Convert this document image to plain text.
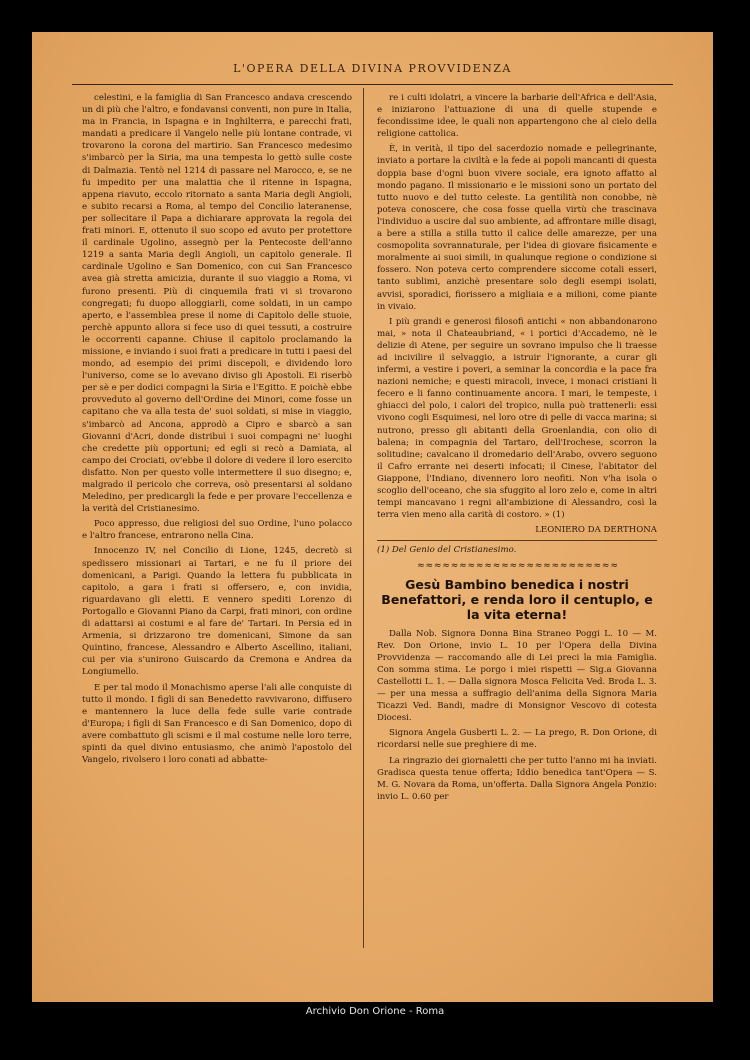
L'OPERA DELLA DIVINA PROVVIDENZA

celestini, e la famiglia di San Francesco andava crescendo un di più che l'altro, e fondavansi conventi, non pure in Italia, ma in Francia, in Ispagna e in Inghilterra, e parecchi frati, mandati a predicare il Vangelo nelle più lontane contrade, vi trovarono la corona del martirio. San Francesco medesimo s'imbarcò per la Siria, ma una tempesta lo gettò sulle coste di Dalmazia. Tentò nel 1214 di passare nel Marocco, e, se ne fu impedito per una malattia che il ritenne in Ispagna, appena riavuto, eccolo ritornato a santa Maria degli Angioli, e subito recarsi a Roma, al tempo del Concilio lateranense, per sollecitare il Papa a dichiarare approvata la regola dei frati minori. E, ottenuto il suo scopo ed avuto per protettore il cardinale Ugolino, assegnò per la Pentecoste dell'anno 1219 a santa Maria degli Angioli, un capitolo generale. Il cardinale Ugolino e San Domenico, con cui San Francesco avea già stretta amicizia, durante il suo viaggio a Roma, vi furono presenti. Più di cinquemila frati vi si trovarono congregati; fu duopo alloggiarli, come soldati, in un campo aperto, e l'assemblea prese il nome di Capitolo delle stuoie, perchè appunto allora si fece uso di quei tessuti, a costruire le occorrenti capanne. Chiuse il capitolo proclamando la missione, e inviando i suoi frati a predicare in tutti i paesi del mondo, ad esempio dei primi discepoli, e dividendo loro l'universo, come se lo avevano diviso gli Apostoli. Ei riserbò per sè e per dodici compagni la Siria e l'Egitto. E poichè ebbe provveduto al governo dell'Ordine dei Minori, come fosse un capitano che va alla testa de' suoi soldati, si mise in viaggio, s'imbarcò ad Ancona, approdò a Cipro e sbarcò a san Giovanni d'Acri, donde distribuì i suoi compagni ne' luoghi che credette più opportuni; ed egli si recò a Damiata, al campo dei Crociati, ov'ebbe il dolore di vedere il loro esercito disfatto. Non per questo volle intermettere il suo disegno; e, malgrado il pericolo che correva, osò presentarsi al soldano Meledino, per predicargli la fede e per provare l'eccellenza e la verità del Cristianesimo.

Poco appresso, due religiosi del suo Ordine, l'uno polacco e l'altro francese, entrarono nella Cina.

Innocenzo IV, nel Concilio di Lione, 1245, decretò si spedissero missionari ai Tartari, e ne fu il priore dei domenicani, a Parigi. Quando la lettera fu pubblicata in capitolo, a gara i frati si offersero, e, con invidia, riguardavano gli eletti. E vennero spediti Lorenzo di Portogallo e Giovanni Piano da Carpi, frati minori, con ordine di adattarsi ai costumi e al fare de' Tartari. In Persia ed in Armenia, si drizzarono tre domenicani, Simone da san Quintino, francese, Alessandro e Alberto Ascellino, italiani, cui per via s'unirono Guiscardo da Cremona e Andrea da Longiumello.

E per tal modo il Monachismo aperse l'ali alle conquiste di tutto il mondo. I figli di san Benedetto ravvivarono, diffusero e mantennero la luce della fede sulle varie contrade d'Europa; i figli di San Francesco e di San Domenico, dopo di avere combattuto gli scismi e il mal costume nelle loro terre, spinti da quel divino entusiasmo, che animò l'apostolo del Vangelo, rivolsero i loro conati ad abbatte-

re i culti idolatri, a vincere la barbarie dell'Africa e dell'Asia, e iniziarono l'attuazione di una di quelle stupende e fecondissime idee, le quali non appartengono che al cielo della religione cattolica.

È, in verità, il tipo del sacerdozio nomade e pellegrinante, inviato a portare la civiltà e la fede ai popoli mancanti di questa doppia base d'ogni buon vivere sociale, era ignoto affatto al mondo pagano. Il missionario e le missioni sono un portato del tutto nuovo e del tutto celeste. La gentilità non conobbe, nè poteva conoscere, che cosa fosse quella virtù che trascinava l'individuo a uscire dal suo ambiente, ad affrontare mille disagi, a bere a stilla a stilla tutto il calice delle amarezze, per una cosmopolita sovrannaturale, per l'idea di giovare fisicamente e moralmente ai suoi simili, in qualunque regione o condizione si fossero. Non poteva certo comprendere siccome cotali esseri, tanto sublimi, anzichè presentare solo degli esempi isolati, avvisi, sporadici, fiorissero a migliaia e a milioni, come piante in vivaio.

I più grandi e generosi filosofi antichi « non abbandonarono mai, » nota il Chateaubriand, « i portici d'Accademo, nè le delizie di Atene, per seguire un sovrano impulso che li traesse ad incivilire il selvaggio, a istruir l'ignorante, a curar gli infermi, a vestire i poveri, a seminar la concordia e la pace fra nazioni nemiche; e questi miracoli, invece, i monaci cristiani li fecero e li fanno continuamente ancora. I mari, le tempeste, i ghiacci del polo, i calori del tropico, nulla può trattenerli: essi vivono cogli Esquimesi, nel loro otre di pelle di vacca marina; si nutrono, presso gli abitanti della Groenlandia, con olio di balena; in compagnia del Tartaro, dell'Irochese, scorron la solitudine; cavalcano il dromedario dell'Arabo, ovvero seguono il Cafro errante nei deserti infocati; il Cinese, l'abitator del Giappone, l'Indiano, divennero loro neofiti. Non v'ha isola o scoglio dell'oceano, che sia sfuggito al loro zelo e, come in altri tempi mancavano i regni all'ambizione di Alessandro, così la terra vien meno alla carità di costoro. » (1)

LEONIERO DA DERTHONA
(1) Del Genio del Cristianesimo.
≈ ≈ ≈ ≈ ≈ ≈ ≈ ≈ ≈ ≈ ≈ ≈ ≈ ≈ ≈ ≈ ≈ ≈ ≈ ≈ ≈ ≈ ≈ ≈
Gesù Bambino benedica i nostri Benefattori, e renda loro il centuplo, e la vita eterna!

Dalla Nob. Signora Donna Bina Straneo Poggi L. 10 — M. Rev. Don Orione, invio L. 10 per l'Opera della Divina Provvidenza — raccomando alle di Lei preci la mia Famiglia. Con somma stima. Le porgo i miei rispetti — Sig.a Giovanna Castellotti L. 1. — Dalla signora Mosca Felicita Ved. Broda L. 3. — per una messa a suffragio dell'anima della Signora Maria Ticazzi Ved. Bandi, madre di Monsignor Vescovo di cotesta Diocesi.

Signora Angela Gusberti L. 2. — La prego, R. Don Orione, di ricordarsi nelle sue preghiere di me.

La ringrazio dei giornaletti che per tutto l'anno mi ha inviati. Gradisca questa tenue offerta; Iddio benedica tant'Opera — S. M. G. Novara da Roma, un'offerta. Dalla Signora Angela Ponzio: invio L. 0.60 per

Archivio Don Orione - Roma
